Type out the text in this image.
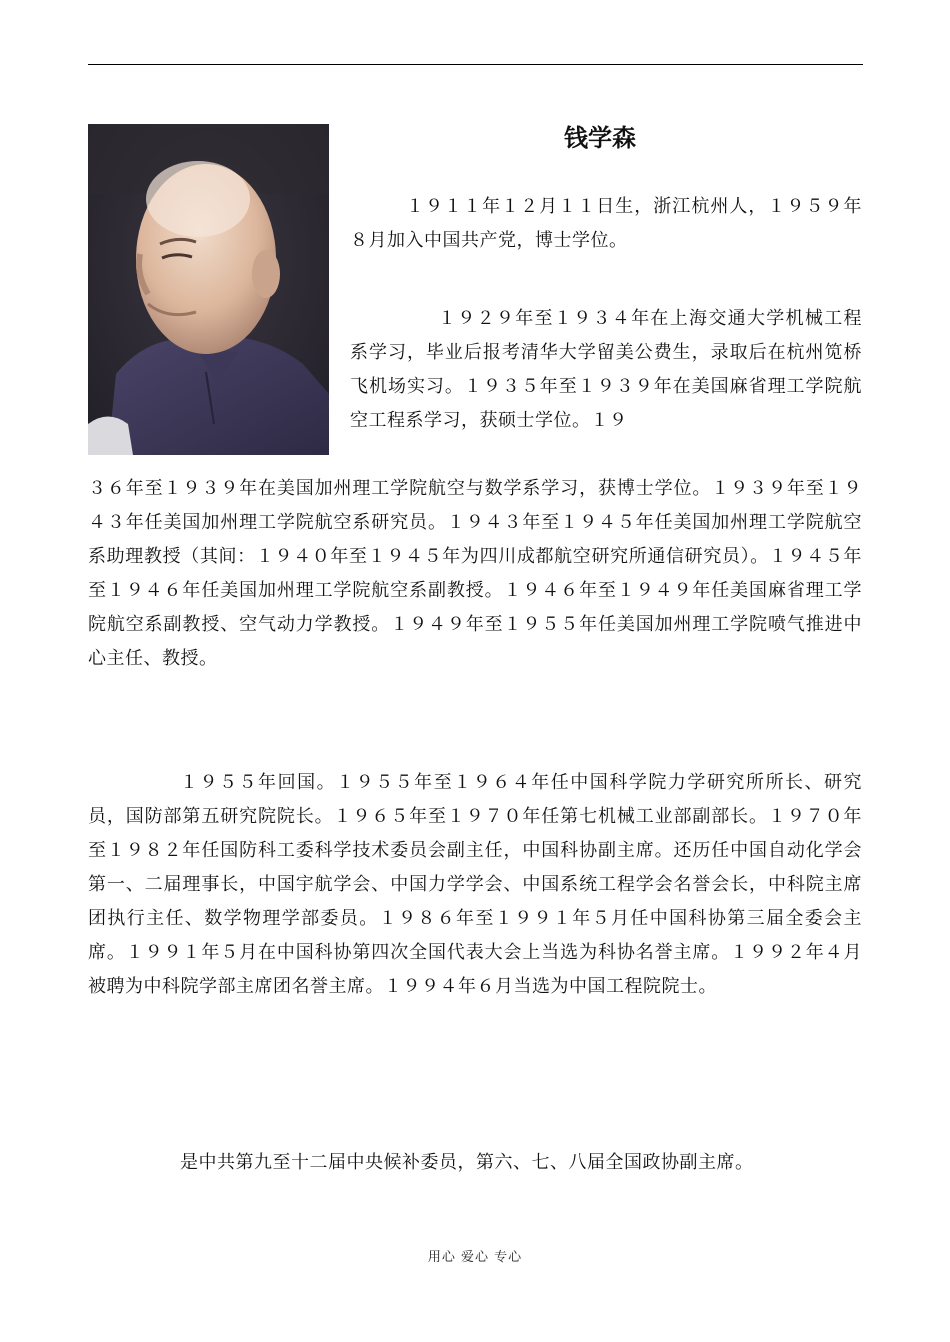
钱学森

１９１１年１２月１１日生，浙江杭州人，１９５９年８月加入中国共产党，博士学位。

１９２９年至１９３４年在上海交通大学机械工程系学习，毕业后报考清华大学留美公费生，录取后在杭州笕桥飞机场实习。１９３５年至１９３９年在美国麻省理工学院航空工程系学习，获硕士学位。１９

３６年至１９３９年在美国加州理工学院航空与数学系学习，获博士学位。１９３９年至１９４３年任美国加州理工学院航空系研究员。１９４３年至１９４５年任美国加州理工学院航空系助理教授（其间：１９４０年至１９４５年为四川成都航空研究所通信研究员）。１９４５年至１９４６年任美国加州理工学院航空系副教授。１９４６年至１９４９年任美国麻省理工学院航空系副教授、空气动力学教授。１９４９年至１９５５年任美国加州理工学院喷气推进中心主任、教授。

１９５５年回国。１９５５年至１９６４年任中国科学院力学研究所所长、研究员，国防部第五研究院院长。１９６５年至１９７０年任第七机械工业部副部长。１９７０年至１９８２年任国防科工委科学技术委员会副主任，中国科协副主席。还历任中国自动化学会第一、二届理事长，中国宇航学会、中国力学学会、中国系统工程学会名誉会长，中科院主席团执行主任、数学物理学部委员。１９８６年至１９９１年５月任中国科协第三届全委会主席。１９９１年５月在中国科协第四次全国代表大会上当选为科协名誉主席。１９９２年４月被聘为中科院学部主席团名誉主席。１９９４年６月当选为中国工程院院士。

是中共第九至十二届中央候补委员，第六、七、八届全国政协副主席。

用心 爱心 专心
